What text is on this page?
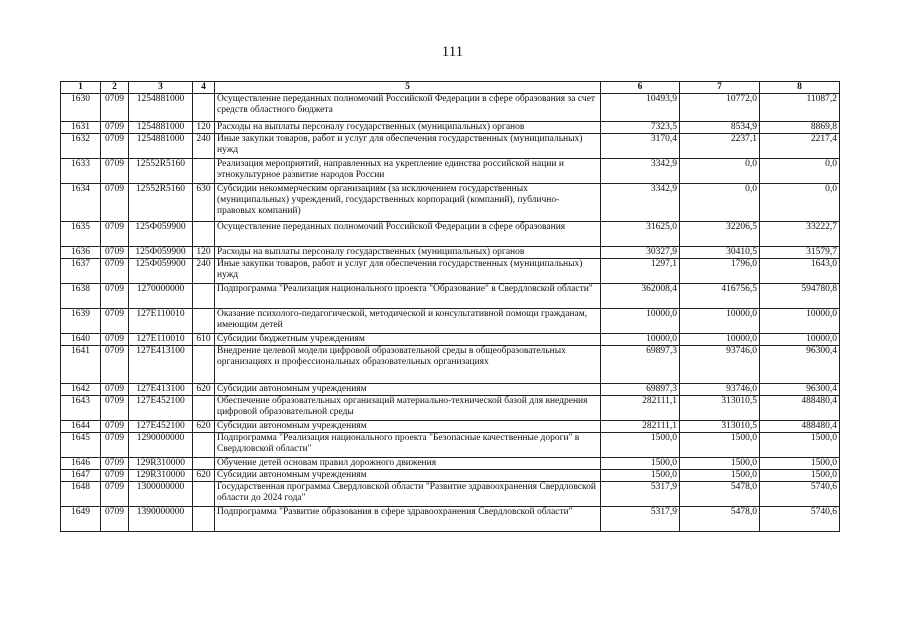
111
1	2	3	4	5	6	7	8
1630	0709	1254881000		Осуществление переданных полномочий Российской Федерации в сфере образования за счет средств областного бюджета	10493,9	10772,0	11087,2
1631	0709	1254881000	120	Расходы на выплаты персоналу государственных (муниципальных) органов	7323,5	8534,9	8869,8
1632	0709	1254881000	240	Иные закупки товаров, работ и услуг для обеспечения государственных (муниципальных) нужд	3170,4	2237,1	2217,4
1633	0709	12552R5160		Реализация мероприятий, направленных на укрепление единства российской нации и этнокультурное развитие народов России	3342,9	0,0	0,0
1634	0709	12552R5160	630	Субсидии некоммерческим организациям (за исключением государственных (муниципальных) учреждений, государственных корпораций (компаний), публично-правовых компаний)	3342,9	0,0	0,0
1635	0709	125Ф059900		Осуществление переданных полномочий Российской Федерации в сфере образования	31625,0	32206,5	33222,7
1636	0709	125Ф059900	120	Расходы на выплаты персоналу государственных (муниципальных) органов	30327,9	30410,5	31579,7
1637	0709	125Ф059900	240	Иные закупки товаров, работ и услуг для обеспечения государственных (муниципальных) нужд	1297,1	1796,0	1643,0
1638	0709	1270000000		Подпрограмма "Реализация национального проекта "Образование" в Свердловской области"	362008,4	416756,5	594780,8
1639	0709	127E110010		Оказание психолого-педагогической, методической и консультативной помощи гражданам, имеющим детей	10000,0	10000,0	10000,0
1640	0709	127E110010	610	Субсидии бюджетным учреждениям	10000,0	10000,0	10000,0
1641	0709	127E413100		Внедрение целевой модели цифровой образовательной среды в общеобразовательных организациях и профессиональных образовательных организациях	69897,3	93746,0	96300,4
1642	0709	127E413100	620	Субсидии автономным учреждениям	69897,3	93746,0	96300,4
1643	0709	127E452100		Обеспечение образовательных организаций материально-технической базой для внедрения цифровой образовательной среды	282111,1	313010,5	488480,4
1644	0709	127E452100	620	Субсидии автономным учреждениям	282111,1	313010,5	488480,4
1645	0709	1290000000		Подпрограмма "Реализация национального проекта "Безопасные качественные дороги" в Свердловской области"	1500,0	1500,0	1500,0
1646	0709	129R310000		Обучение детей основам правил дорожного движения	1500,0	1500,0	1500,0
1647	0709	129R310000	620	Субсидии автономным учреждениям	1500,0	1500,0	1500,0
1648	0709	1300000000		Государственная программа Свердловской области "Развитие здравоохранения Свердловской области до 2024 года"	5317,9	5478,0	5740,6
1649	0709	1390000000		Подпрограмма "Развитие образования в сфере здравоохранения Свердловской области"	5317,9	5478,0	5740,6
